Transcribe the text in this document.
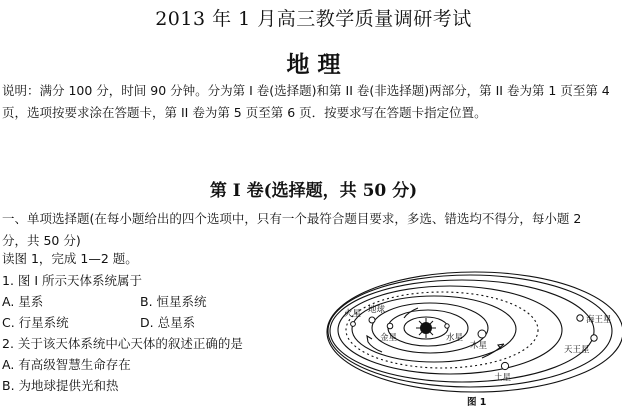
2013 年 1 月高三教学质量调研考试
地 理
说明：满分 100 分，时间 90 分钟。分为第 I 卷(选择题)和第 II 卷(非选择题)两部分，第 II 卷为第 1 页至第 4 页，选项按要求涂在答题卡，第 II 卷为第 5 页至第 6 页．按要求写在答题卡指定位置。
第 I 卷(选择题，共 50 分)
一、单项选择题(在每小题给出的四个选项中，只有一个最符合题目要求，多选、错选均不得分，每小题 2 分，共 50 分)
读图 1，完成 1—2 题。
1. 图 I 所示天体系统属于
A. 星系	B. 恒星系统
C. 行星系统	D. 总星系
2. 关于该天体系统中心天体的叙述正确的是
A. 有高级智慧生命存在
B. 为地球提供光和热
火星 地球
金星	水星
木星
土星
天王星
海王星
图 1
